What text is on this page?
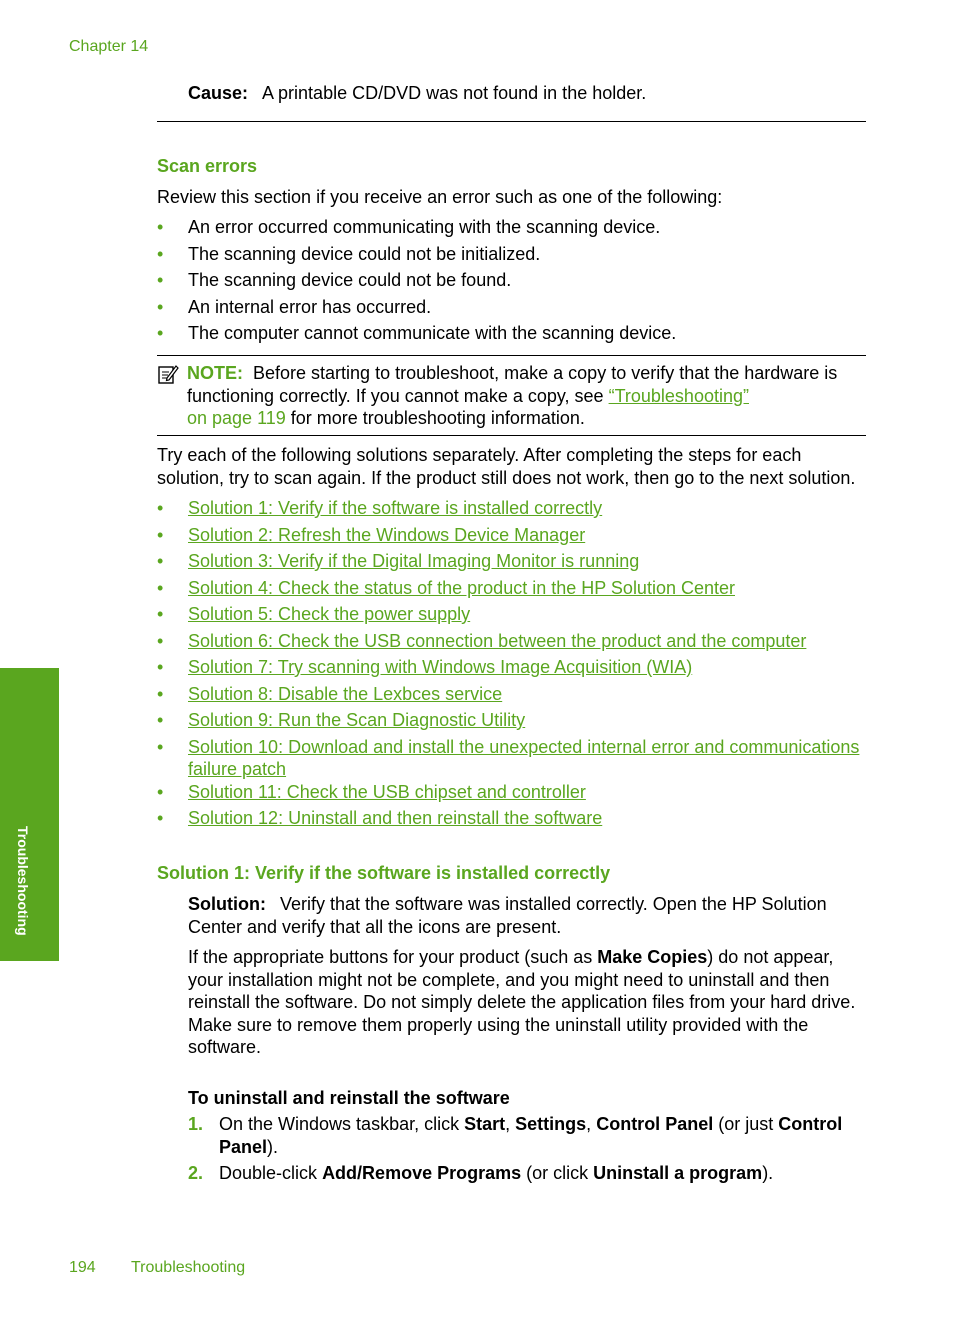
Chapter 14
Cause: A printable CD/DVD was not found in the holder.
Scan errors
Review this section if you receive an error such as one of the following:
• An error occurred communicating with the scanning device.
• The scanning device could not be initialized.
• The scanning device could not be found.
• An internal error has occurred.
• The computer cannot communicate with the scanning device.
NOTE: Before starting to troubleshoot, make a copy to verify that the hardware is functioning correctly. If you cannot make a copy, see “Troubleshooting”
on page 119 for more troubleshooting information.
Try each of the following solutions separately. After completing the steps for each solution, try to scan again. If the product still does not work, then go to the next solution.
• Solution 1: Verify if the software is installed correctly
• Solution 2: Refresh the Windows Device Manager
• Solution 3: Verify if the Digital Imaging Monitor is running
• Solution 4: Check the status of the product in the HP Solution Center
• Solution 5: Check the power supply
• Solution 6: Check the USB connection between the product and the computer
• Solution 7: Try scanning with Windows Image Acquisition (WIA)
• Solution 8: Disable the Lexbces service
• Solution 9: Run the Scan Diagnostic Utility
• Solution 10: Download and install the unexpected internal error and communications failure patch
• Solution 11: Check the USB chipset and controller
• Solution 12: Uninstall and then reinstall the software
Solution 1: Verify if the software is installed correctly
Solution: Verify that the software was installed correctly. Open the HP Solution Center and verify that all the icons are present.
If the appropriate buttons for your product (such as Make Copies) do not appear, your installation might not be complete, and you might need to uninstall and then reinstall the software. Do not simply delete the application files from your hard drive. Make sure to remove them properly using the uninstall utility provided with the software.
To uninstall and reinstall the software
1. On the Windows taskbar, click Start, Settings, Control Panel (or just Control Panel).
2. Double-click Add/Remove Programs (or click Uninstall a program).
Troubleshooting
194 Troubleshooting
